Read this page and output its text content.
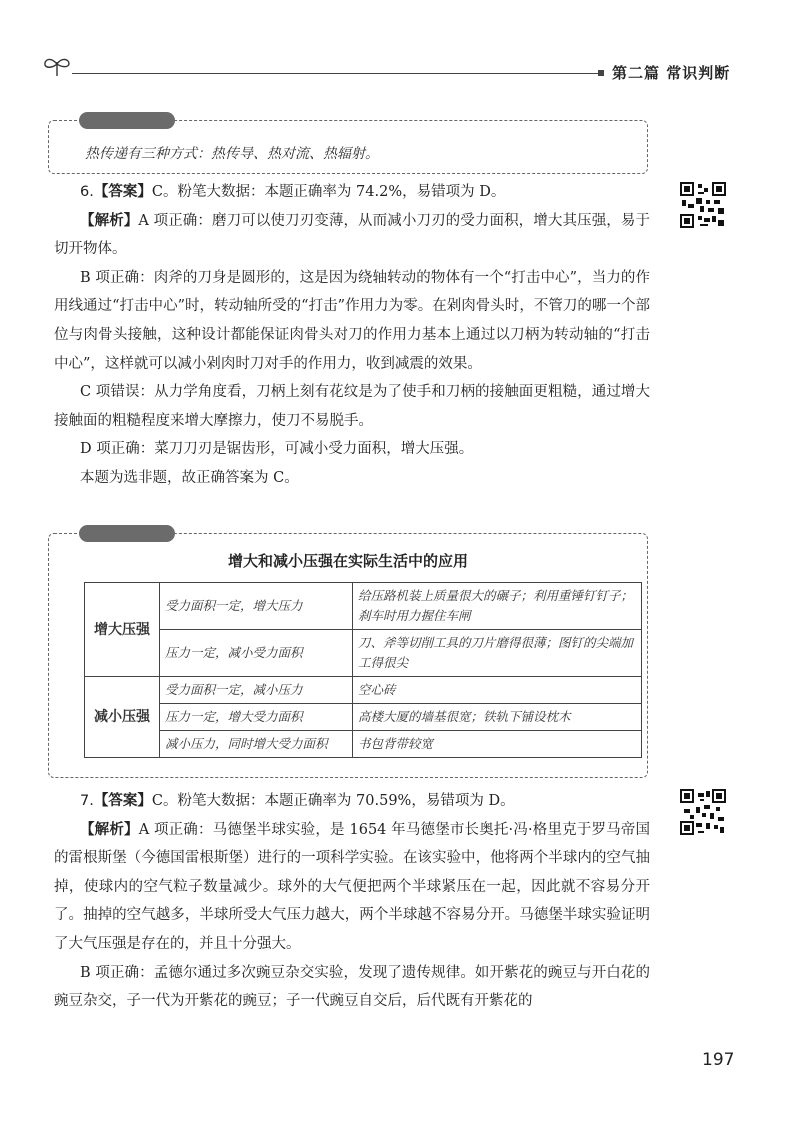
第二篇 常识判断
热传递有三种方式：热传导、热对流、热辐射。

6.【答案】C。粉笔大数据：本题正确率为 74.2%，易错项为 D。

【解析】A 项正确：磨刀可以使刀刃变薄，从而减小刀刃的受力面积，增大其压强，易于切开物体。

B 项正确：肉斧的刀身是圆形的，这是因为绕轴转动的物体有一个“打击中心”，当力的作用线通过“打击中心”时，转动轴所受的“打击”作用力为零。在剁肉骨头时，不管刀的哪一个部位与肉骨头接触，这种设计都能保证肉骨头对刀的作用力基本上通过以刀柄为转动轴的“打击中心”，这样就可以减小剁肉时刀对手的作用力，收到减震的效果。

C 项错误：从力学角度看，刀柄上刻有花纹是为了使手和刀柄的接触面更粗糙，通过增大接触面的粗糙程度来增大摩擦力，使刀不易脱手。

D 项正确：菜刀刀刃是锯齿形，可减小受力面积，增大压强。

本题为选非题，故正确答案为 C。

增大和减小压强在实际生活中的应用
增大压强	受力面积一定，增大压力	给压路机装上质量很大的碾子；利用重锤钉钉子；刹车时用力握住车闸
	压力一定，减小受力面积	刀、斧等切削工具的刀片磨得很薄；图钉的尖端加工得很尖
减小压强	受力面积一定，减小压力	空心砖
	压力一定，增大受力面积	高楼大厦的墙基很宽；铁轨下铺设枕木
	减小压力，同时增大受力面积	书包背带较宽

7.【答案】C。粉笔大数据：本题正确率为 70.59%，易错项为 D。

【解析】A 项正确：马德堡半球实验，是 1654 年马德堡市长奥托·冯·格里克于罗马帝国的雷根斯堡（今德国雷根斯堡）进行的一项科学实验。在该实验中，他将两个半球内的空气抽掉，使球内的空气粒子数量减少。球外的大气便把两个半球紧压在一起，因此就不容易分开了。抽掉的空气越多，半球所受大气压力越大，两个半球越不容易分开。马德堡半球实验证明了大气压强是存在的，并且十分强大。

B 项正确：孟德尔通过多次豌豆杂交实验，发现了遗传规律。如开紫花的豌豆与开白花的豌豆杂交，子一代为开紫花的豌豆；子一代豌豆自交后，后代既有开紫花的

197
